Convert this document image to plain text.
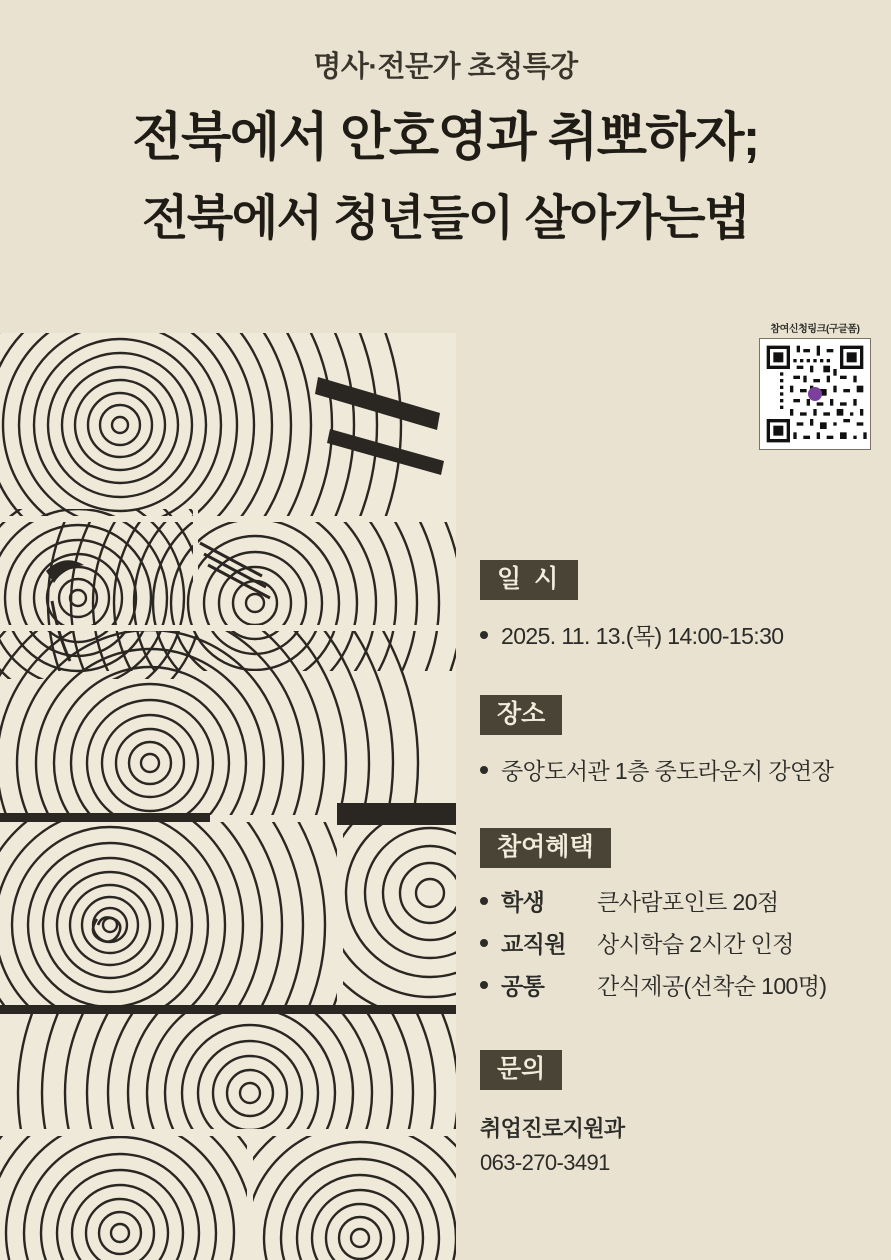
명사·전문가 초청특강
전북에서 안호영과 취뽀하자;
전북에서 청년들이 살아가는법
참여신청링크(구글폼)
일 시
2025. 11. 13.(목) 14:00-15:30
장소
중앙도서관 1층 중도라운지 강연장
참여혜택
학생	큰사람포인트 20점
교직원	상시학습 2시간 인정
공통	간식제공(선착순 100명)
문의
취업진로지원과
063-270-3491
